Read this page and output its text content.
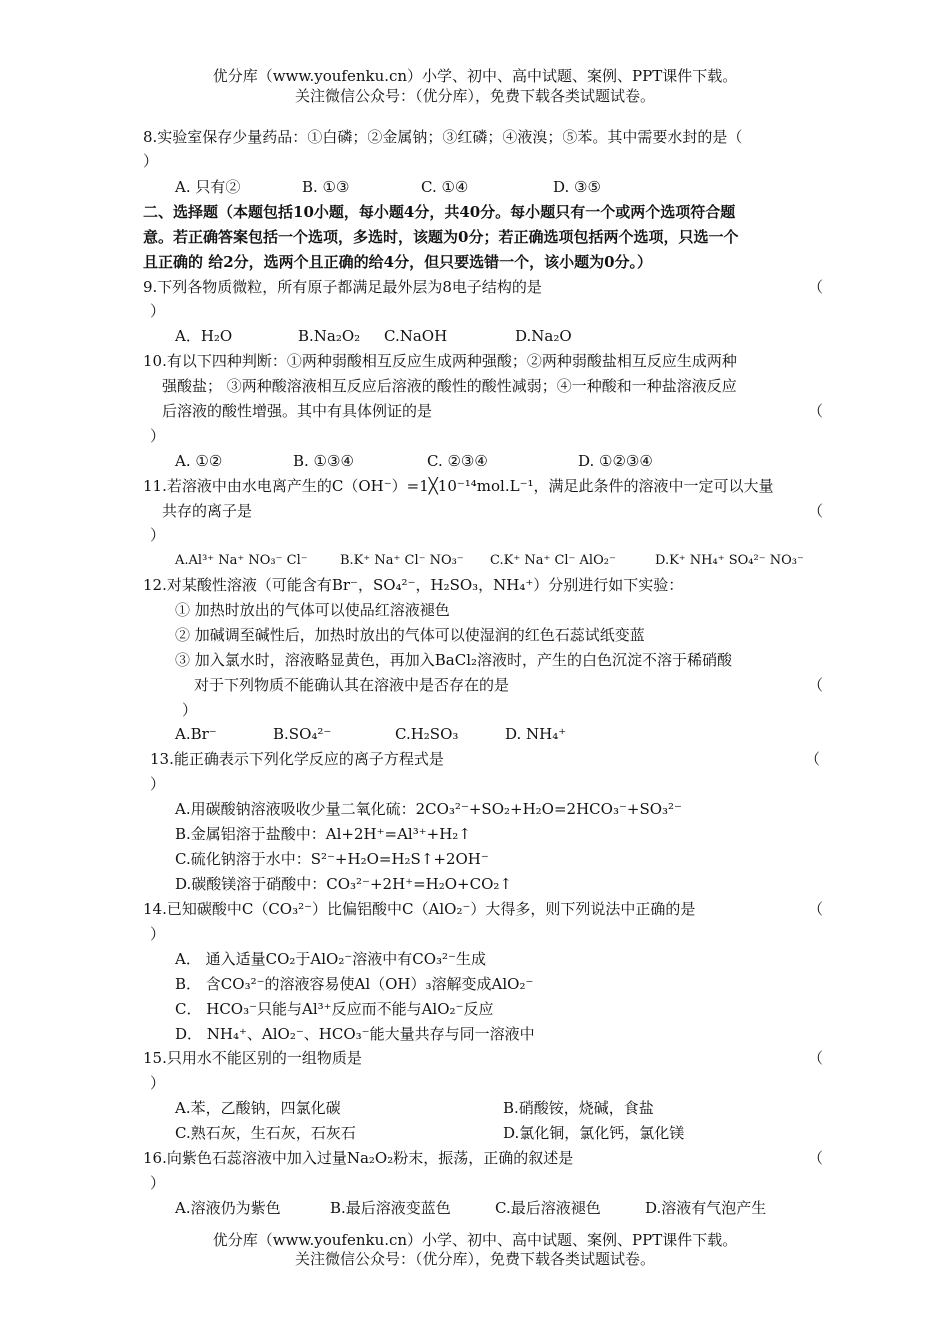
优分库（www.youfenku.cn）小学、初中、高中试题、案例、PPT课件下载。
关注微信公众号：（优分库），免费下载各类试题试卷。
8.实验室保存少量药品：①白磷；②金属钠；③红磷；④液溴；⑤苯。其中需要水封的是（
）
A. 只有②	B. ①③	C. ①④	D. ③⑤
二、选择题（本题包括10小题，每小题4分，共40分。每小题只有一个或两个选项符合题
意。若正确答案包括一个选项，多选时，该题为0分；若正确选项包括两个选项，只选一个
且正确的 给2分，选两个且正确的给4分，但只要选错一个，该小题为0分。）
9.下列各物质微粒，所有原子都满足最外层为8电子结构的是	（
）
A．H₂O	B.Na₂O₂ C.NaOH	D.Na₂O
10.有以下四种判断：①两种弱酸相互反应生成两种强酸；②两种弱酸盐相互反应生成两种
强酸盐； ③两种酸溶液相互反应后溶液的酸性的酸性减弱；④一种酸和一种盐溶液反应
后溶液的酸性增强。其中有具体例证的是	（
）
A. ①②	B. ①③④	C. ②③④	D. ①②③④
11.若溶液中由水电离产生的C（OH⁻）=1╳10⁻¹⁴mol.L⁻¹，满足此条件的溶液中一定可以大量
共存的离子是	（
）
A.Al³⁺ Na⁺ NO₃⁻ Cl⁻ B.K⁺ Na⁺ Cl⁻ NO₃⁻ C.K⁺ Na⁺ Cl⁻ AlO₂⁻	D.K⁺ NH₄⁺ SO₄²⁻ NO₃⁻
12.对某酸性溶液（可能含有Br⁻，SO₄²⁻，H₂SO₃，NH₄⁺）分别进行如下实验：
① 加热时放出的气体可以使品红溶液褪色
② 加碱调至碱性后，加热时放出的气体可以使湿润的红色石蕊试纸变蓝
③ 加入氯水时，溶液略显黄色，再加入BaCl₂溶液时，产生的白色沉淀不溶于稀硝酸
对于下列物质不能确认其在溶液中是否存在的是	（
）
A.Br⁻	B.SO₄²⁻	C.H₂SO₃	D. NH₄⁺
13.能正确表示下列化学反应的离子方程式是	（
）
A.用碳酸钠溶液吸收少量二氧化硫：2CO₃²⁻+SO₂+H₂O=2HCO₃⁻+SO₃²⁻
B.金属铝溶于盐酸中：Al+2H⁺=Al³⁺+H₂↑
C.硫化钠溶于水中：S²⁻+H₂O=H₂S↑+2OH⁻
D.碳酸镁溶于硝酸中：CO₃²⁻+2H⁺=H₂O+CO₂↑
14.已知碳酸中C（CO₃²⁻）比偏铝酸中C（AlO₂⁻）大得多，则下列说法中正确的是	（
）
A． 通入适量CO₂于AlO₂⁻溶液中有CO₃²⁻生成
B． 含CO₃²⁻的溶液容易使Al（OH）₃溶解变成AlO₂⁻
C． HCO₃⁻只能与Al³⁺反应而不能与AlO₂⁻反应
D． NH₄⁺、AlO₂⁻、HCO₃⁻能大量共存与同一溶液中
15.只用水不能区别的一组物质是	（
）
A.苯，乙酸钠，四氯化碳	B.硝酸铵，烧碱，食盐
C.熟石灰，生石灰，石灰石	D.氯化铜，氯化钙，氯化镁
16.向紫色石蕊溶液中加入过量Na₂O₂粉末，振荡，正确的叙述是	（
）
A.溶液仍为紫色	B.最后溶液变蓝色	C.最后溶液褪色	D.溶液有气泡产生
优分库（www.youfenku.cn）小学、初中、高中试题、案例、PPT课件下载。
关注微信公众号：（优分库），免费下载各类试题试卷。
